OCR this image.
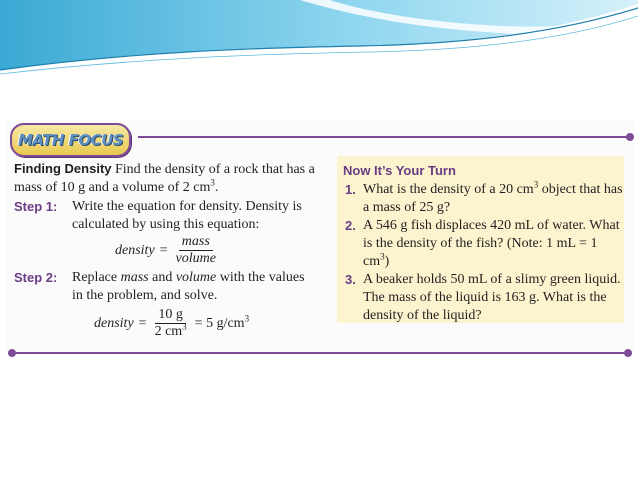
MATH FOCUS
Finding Density Find the density of a rock that has a mass of 10 g and a volume of 2 $cm^3$.
Step 1: Write the equation for density. Density is calculated by using this equation:
density = $\frac{\text{mass}}{\text{volume}}$
Step 2: Replace mass and volume with the values in the problem, and solve.
density = $\frac{10 g}{2 cm^3} = 5$ $g/cm^3$
Now It’s Your Turn
1. What is the density of a 20 $cm^3$ object that has a mass of 25 g?
2. A 546 g fish displaces 420 mL of water. What is the density of the fish? (Note: 1 mL = 1 $cm^3$)
3. A beaker holds 50 mL of a slimy green liquid. The mass of the liquid is 163 g. What is the density of the liquid?
